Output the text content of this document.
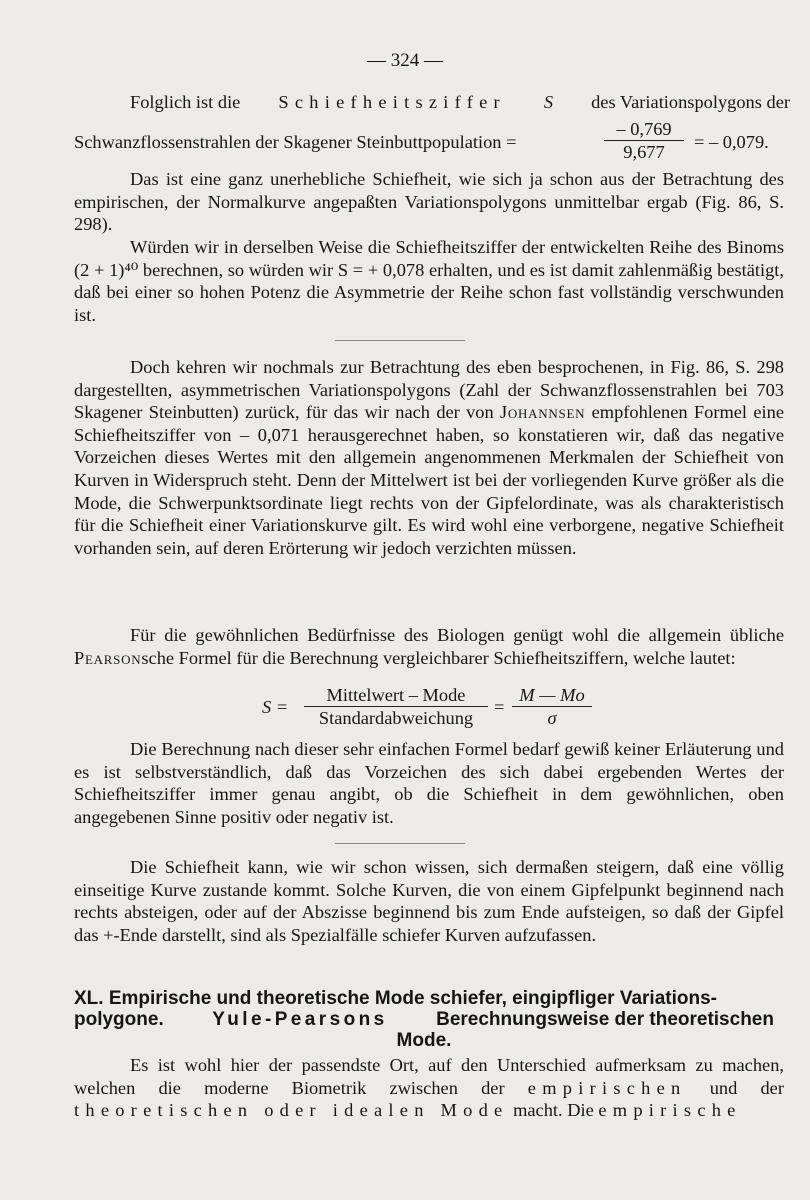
— 324 —
Folglich ist die Schiefheitsziffer S des Variationspolygons der
Schwanzflossenstrahlen der Skagener Steinbuttpopulation =	$\frac{- 0,769}{9,677}$ = – 0,079.

Das ist eine ganz unerhebliche Schiefheit, wie sich ja schon aus der Betrachtung des empirischen, der Normalkurve angepaßten Variationspolygons unmittelbar ergab (Fig. 86, S. 298).

Würden wir in derselben Weise die Schiefheitsziffer der entwickelten Reihe des Binoms (2 + 1)⁴⁰ berechnen, so würden wir S = + 0,078 erhalten, und es ist damit zahlenmäßig bestätigt, daß bei einer so hohen Potenz die Asymmetrie der Reihe schon fast vollständig verschwunden ist.

Doch kehren wir nochmals zur Betrachtung des eben besprochenen, in Fig. 86, S. 298 dargestellten, asymmetrischen Variationspolygons (Zahl der Schwanzflossenstrahlen bei 703 Skagener Steinbutten) zurück, für das wir nach der von Johannsen empfohlenen Formel eine Schiefheitsziffer von – 0,071 herausgerechnet haben, so konstatieren wir, daß das negative Vorzeichen dieses Wertes mit den allgemein angenommenen Merkmalen der Schiefheit von Kurven in Widerspruch steht. Denn der Mittelwert ist bei der vorliegenden Kurve größer als die Mode, die Schwerpunktsordinate liegt rechts von der Gipfelordinate, was als charakteristisch für die Schiefheit einer Variationskurve gilt. Es wird wohl eine verborgene, negative Schiefheit vorhanden sein, auf deren Erörterung wir jedoch verzichten müssen.

Für die gewöhnlichen Bedürfnisse des Biologen genügt wohl die allgemein übliche Pearsonsche Formel für die Berechnung vergleichbarer Schiefheitsziffern, welche lautet:

S =
Mittelwert – Mode
Standardabweichung
= $\frac{M — Mo}{\sigma}$

Die Berechnung nach dieser sehr einfachen Formel bedarf gewiß keiner Erläuterung und es ist selbstverständlich, daß das Vorzeichen des sich dabei ergebenden Wertes der Schiefheitsziffer immer genau angibt, ob die Schiefheit in dem gewöhnlichen, oben angegebenen Sinne positiv oder negativ ist.

Die Schiefheit kann, wie wir schon wissen, sich dermaßen steigern, daß eine völlig einseitige Kurve zustande kommt. Solche Kurven, die von einem Gipfelpunkt beginnend nach rechts absteigen, oder auf der Abszisse beginnend bis zum Ende aufsteigen, so daß der Gipfel das +-Ende darstellt, sind als Spezialfälle schiefer Kurven aufzufassen.

XL. Empirische und theoretische Mode schiefer, eingipfliger Variations-
polygone.	Yule-Pearsons	Berechnungsweise der theoretischen
Mode.

Es ist wohl hier der passendste Ort, auf den Unterschied aufmerksam zu machen, welchen die moderne Biometrik zwischen der empirischen und der theoretischen oder idealen Mode macht. Die empirische
